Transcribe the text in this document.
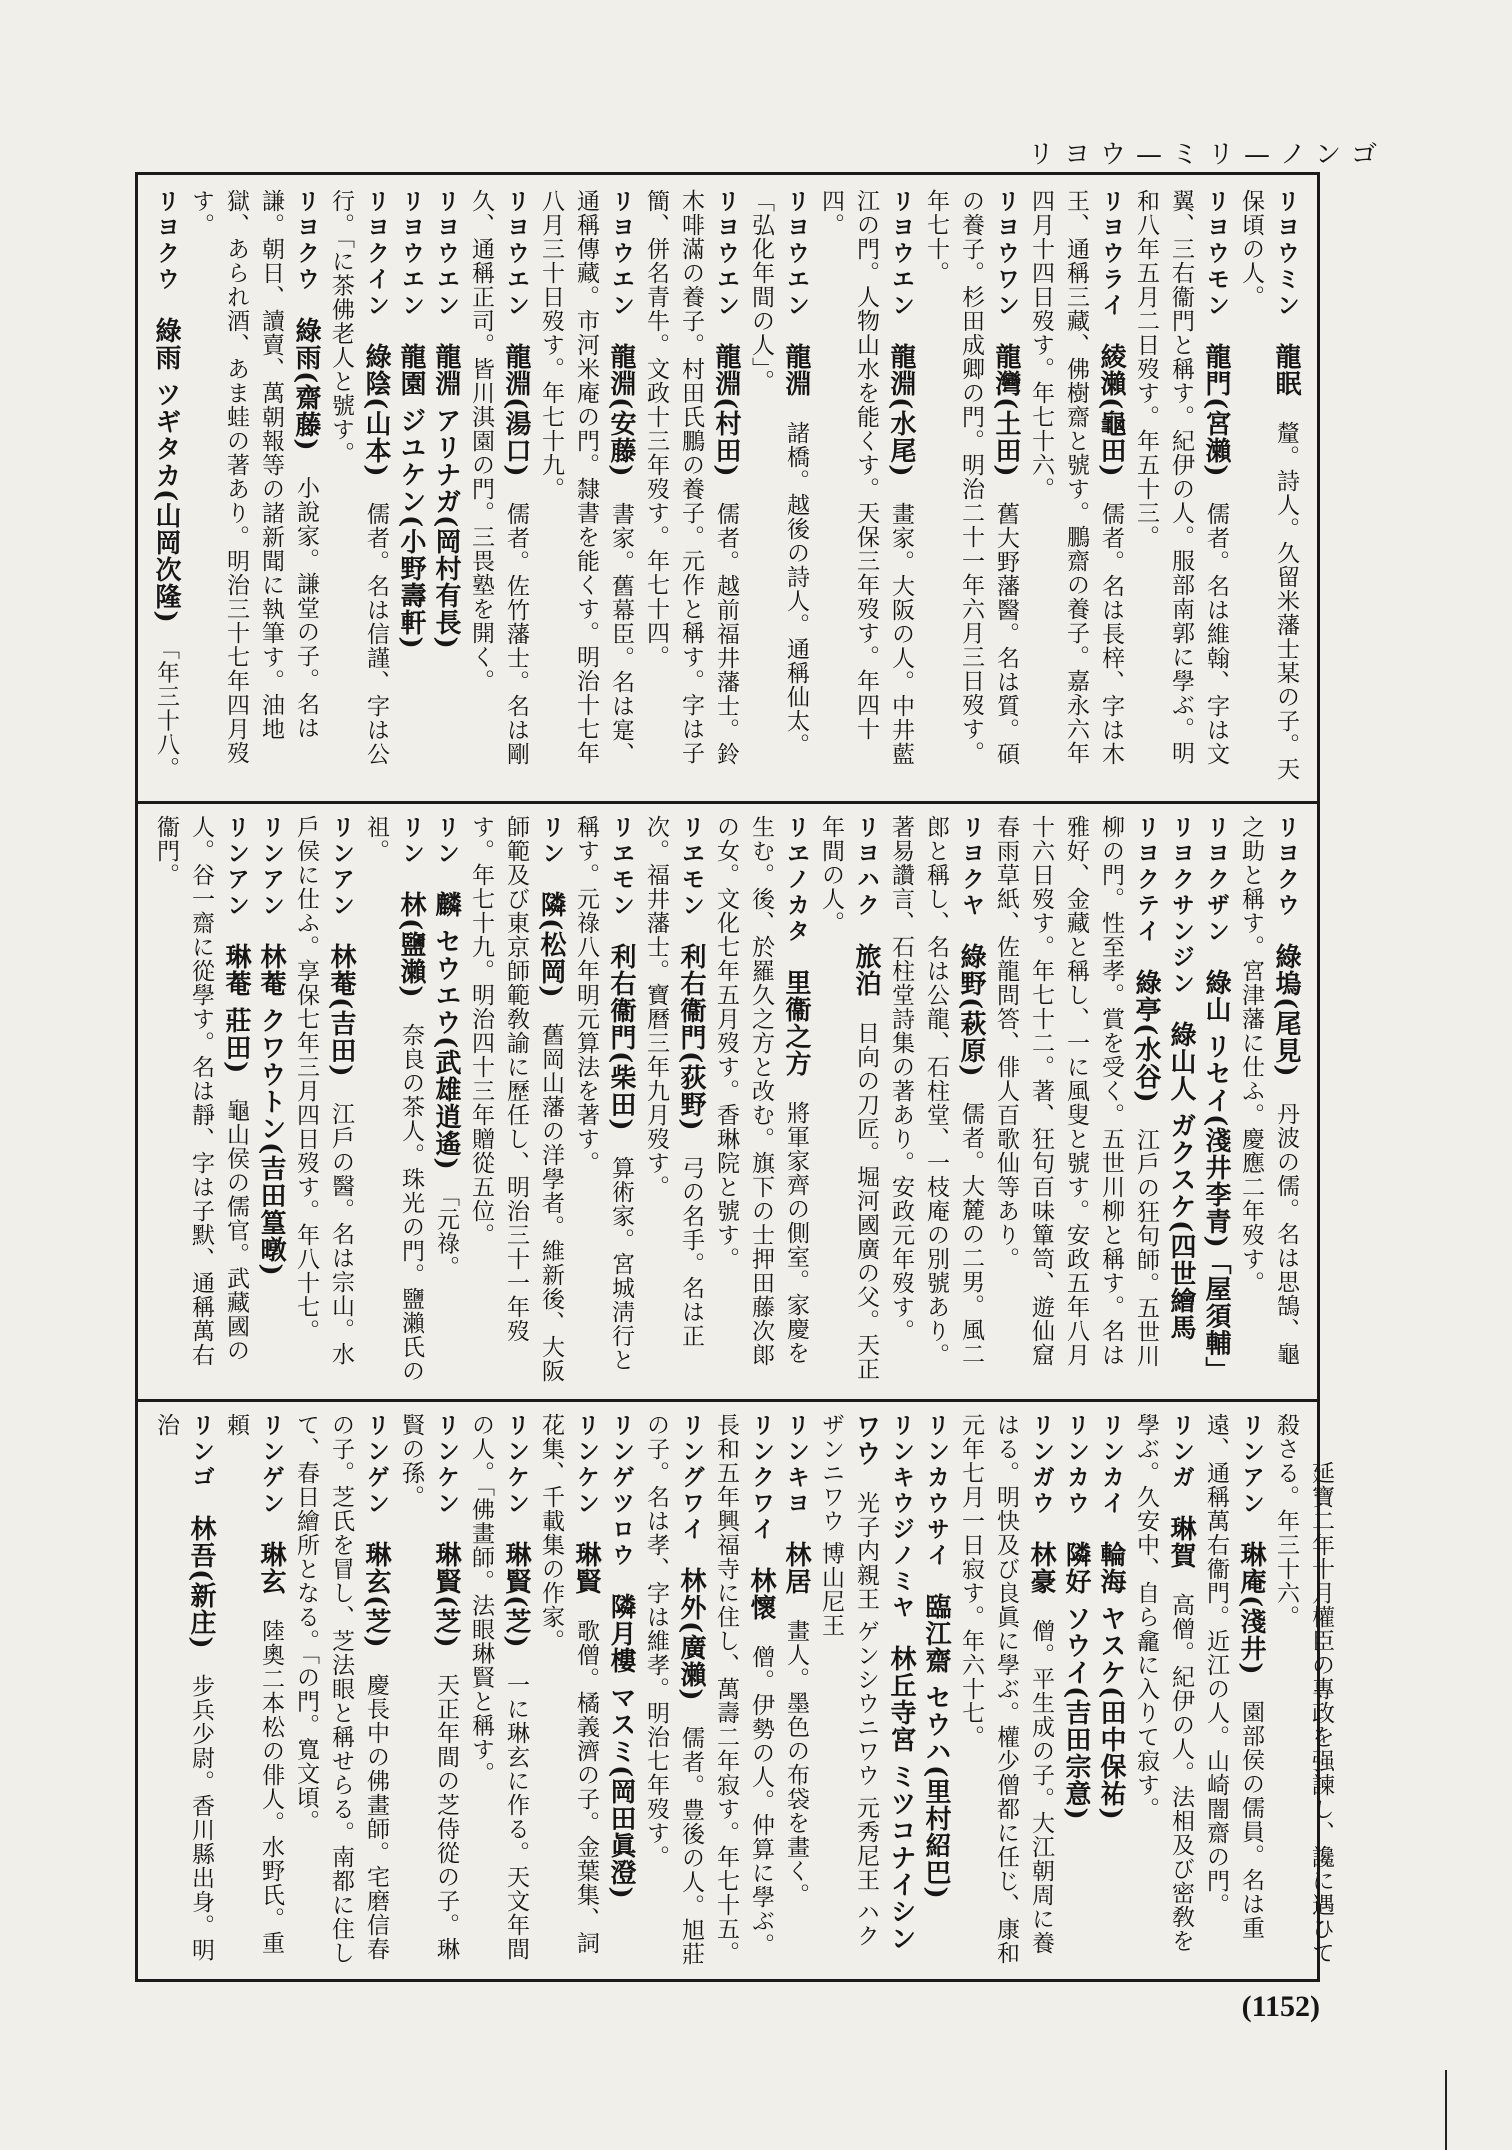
リヨウ—ミリ—ノンゴ

リヨウミン　龍眠　釐。詩人。久留米藩士某の子。天保頃の人。

リヨウモン　龍門(宮瀨)　儒者。名は維翰、字は文翼、三右衞門と稱す。紀伊の人。服部南郭に學ぶ。明和八年五月二日歿す。年五十三。

リヨウライ　綾瀨(龜田)　儒者。名は長梓、字は木王、通稱三藏、佛樹齋と號す。鵬齋の養子。嘉永六年四月十四日歿す。年七十六。

リヨウワン　龍灣(土田)　舊大野藩醫。名は質。碩の養子。杉田成卿の門。明治二十一年六月三日歿す。年七十。

リヨウエン　龍淵(水尾)　畫家。大阪の人。中井藍江の門。人物山水を能くす。天保三年歿す。年四十四。

リヨウエン　龍淵　諸橋。越後の詩人。通稱仙太。「弘化年間の人」。

リヨウエン　龍淵(村田)　儒者。越前福井藩士。鈴木啡滿の養子。村田氏鵬の養子。元作と稱す。字は子簡、併名青牛。文政十三年歿す。年七十四。

リヨウエン　龍淵(安藤)　書家。舊幕臣。名は寔、通稱傳藏。市河米庵の門。隸書を能くす。明治十七年八月三十日歿す。年七十九。

リヨウエン　龍淵(湯口)　儒者。佐竹藩士。名は剛久、通稱正司。皆川淇園の門。三畏塾を開く。

リヨウエン　龍淵 アリナガ(岡村有長)　

リヨウエン　龍園 ジユケン(小野壽軒)　

リヨクイン　綠陰(山本)　儒者。名は信謹、字は公行。「に茶佛老人と號す。

リヨクウ　綠雨(齋藤)　小說家。謙堂の子。名は謙。朝日、讀賣、萬朝報等の諸新聞に執筆す。油地獄、あられ酒、あま蛙の著あり。明治三十七年四月歿す。

リヨクウ　綠雨 ツギタカ(山岡次隆)　「年三十八。

リヨクウ　綠塢(尾見)　丹波の儒。名は思鵠、龜之助と稱す。宮津藩に仕ふ。慶應二年歿す。

リヨクザン　綠山 リセイ(淺井李青)「屋須輔」　

リヨクサンジン　綠山人 ガクスケ(四世繪馬　

リヨクテイ　綠亭(水谷)　江戶の狂句師。五世川柳の門。性至孝。賞を受く。五世川柳と稱す。名は雅好、金藏と稱し、一に風叟と號す。安政五年八月十六日歿す。年七十二。著、狂句百味簞笥、遊仙窟春雨草紙、佐龍問答、俳人百歌仙等あり。

リヨクヤ　綠野(萩原)　儒者。大麓の二男。風二郎と稱し、名は公龍、石柱堂、一枝庵の別號あり。著易讚言、石柱堂詩集の著あり。安政元年歿す。

リヨハク　旅泊　日向の刀匠。堀河國廣の父。天正年間の人。

リヱノカタ　里衞之方　將軍家齊の側室。家慶を生む。後、於羅久之方と改む。旗下の士押田藤次郞の女。文化七年五月歿す。香琳院と號す。

リヱモン　利右衞門(荻野)　弓の名手。名は正次。福井藩士。寶曆三年九月歿す。

リヱモン　利右衞門(柴田)　算術家。宮城淸行と稱す。元祿八年明元算法を著す。

リン　隣(松岡)　舊岡山藩の洋學者。維新後、大阪師範及び東京師範敎諭に歷任し、明治三十一年歿す。年七十九。明治四十三年贈從五位。

リン　麟 セウエウ(武雄逍遙)　「元祿。

リン　林(鹽瀨)　奈良の茶人。珠光の門。鹽瀨氏の祖。

リンアン　林菴(吉田)　江戶の醫。名は宗山。水戶侯に仕ふ。享保七年三月四日歿す。年八十七。

リンアン　林菴 クワウトン(吉田篁暾)　

リンアン　琳菴 莊田)　龜山侯の儒官。武藏國の人。谷一齋に從學す。名は靜、字は子默、通稱萬右衞門。

　　延寶二年十月權臣の專政を强諫し、讒に遇ひて殺さる。年三十六。

リンアン　琳庵(淺井)　園部侯の儒員。名は重遠、通稱萬右衞門。近江の人。山崎闇齋の門。

リンガ　琳賀　高僧。紀伊の人。法相及び密敎を學ぶ。久安中、自ら龕に入りて寂す。

リンカイ　輪海 ヤスケ(田中保祐)　

リンカウ　隣好 ソウイ(吉田宗意)　

リンガウ　林豪　僧。平生成の子。大江朝周に養はる。明快及び良眞に學ぶ。權少僧都に任じ、康和元年七月一日寂す。年六十七。

リンカウサイ　臨江齋 セウハ(里村紹巴)　

リンキウジノミヤ　林丘寺宮 ミツコナイシンワウ　光子内親王 ゲンシウニワウ 元秀尼王 ハクザンニワウ 博山尼王

リンキヨ　林居　畫人。墨色の布袋を畫く。

リンクワイ　林懷　僧。伊勢の人。仲算に學ぶ。長和五年興福寺に住し、萬壽二年寂す。年七十五。

リングワイ　林外(廣瀨)　儒者。豊後の人。旭莊の子。名は孝、字は維孝。明治七年歿す。

リンゲツロウ　隣月樓 マスミ(岡田眞澄)　

リンケン　琳賢　歌僧。橘義濟の子。金葉集、詞花集、千載集の作家。

リンケン　琳賢(芝)　一に琳玄に作る。天文年間の人。「佛畫師。法眼琳賢と稱す。

リンケン　琳賢(芝)　天正年間の芝侍從の子。琳賢の孫。

リンゲン　琳玄(芝)　慶長中の佛畫師。宅磨信春の子。芝氏を冒し、芝法眼と稱せらる。南都に住して、春日繪所となる。「の門。寬文頃。

リンゲン　琳玄　陸奧二本松の俳人。水野氏。重頼

リンゴ　林吾(新庄)　步兵少尉。香川縣出身。明治

(1152)
